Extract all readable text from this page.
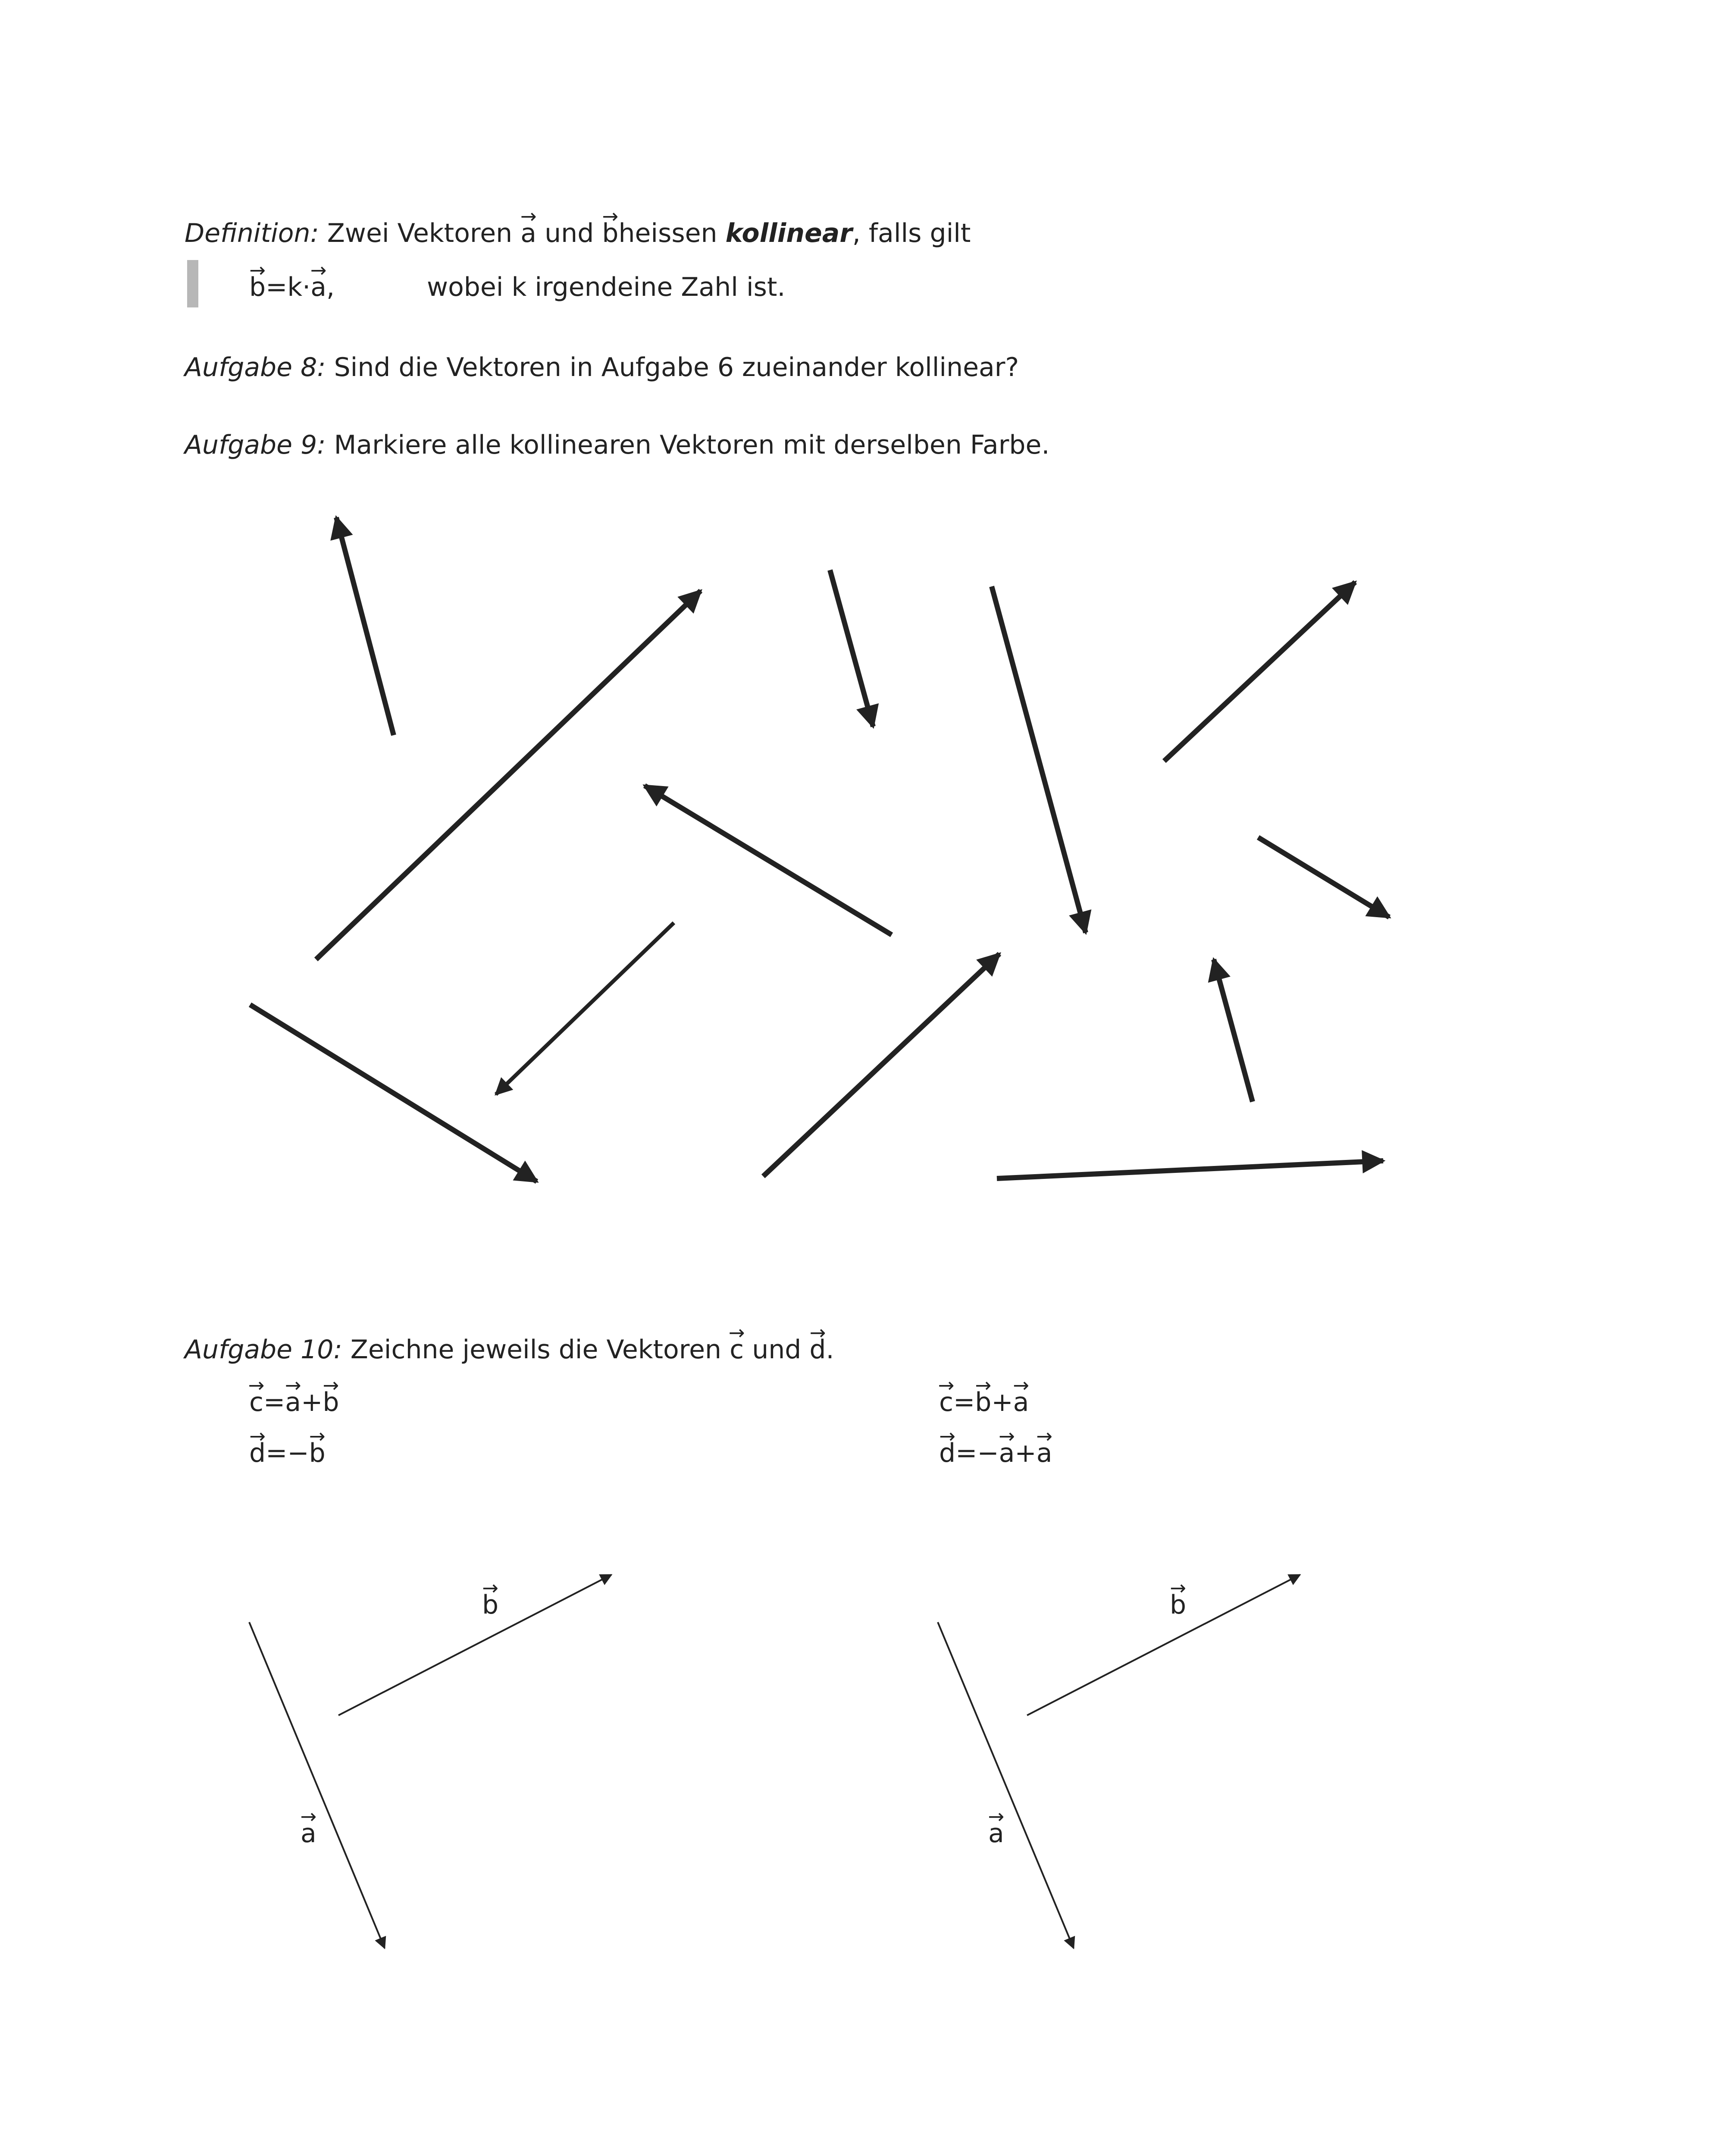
Definition: Zwei Vektoren → a und → bheissen kollinear, falls gilt
→ b=k·→ a,	wobei k irgendeine Zahl ist.
Aufgabe 8: Sind die Vektoren in Aufgabe 6 zueinander kollinear?
Aufgabe 9: Markiere alle kollinearen Vektoren mit derselben Farbe.
Aufgabe 10: Zeichne jeweils die Vektoren → c und → d.
→ c=→ a+→ b
→ d=−→ b
→ c=→ b+→ a
→ d=−→ a+→ a
→ b
→ a
→ b
→ a
